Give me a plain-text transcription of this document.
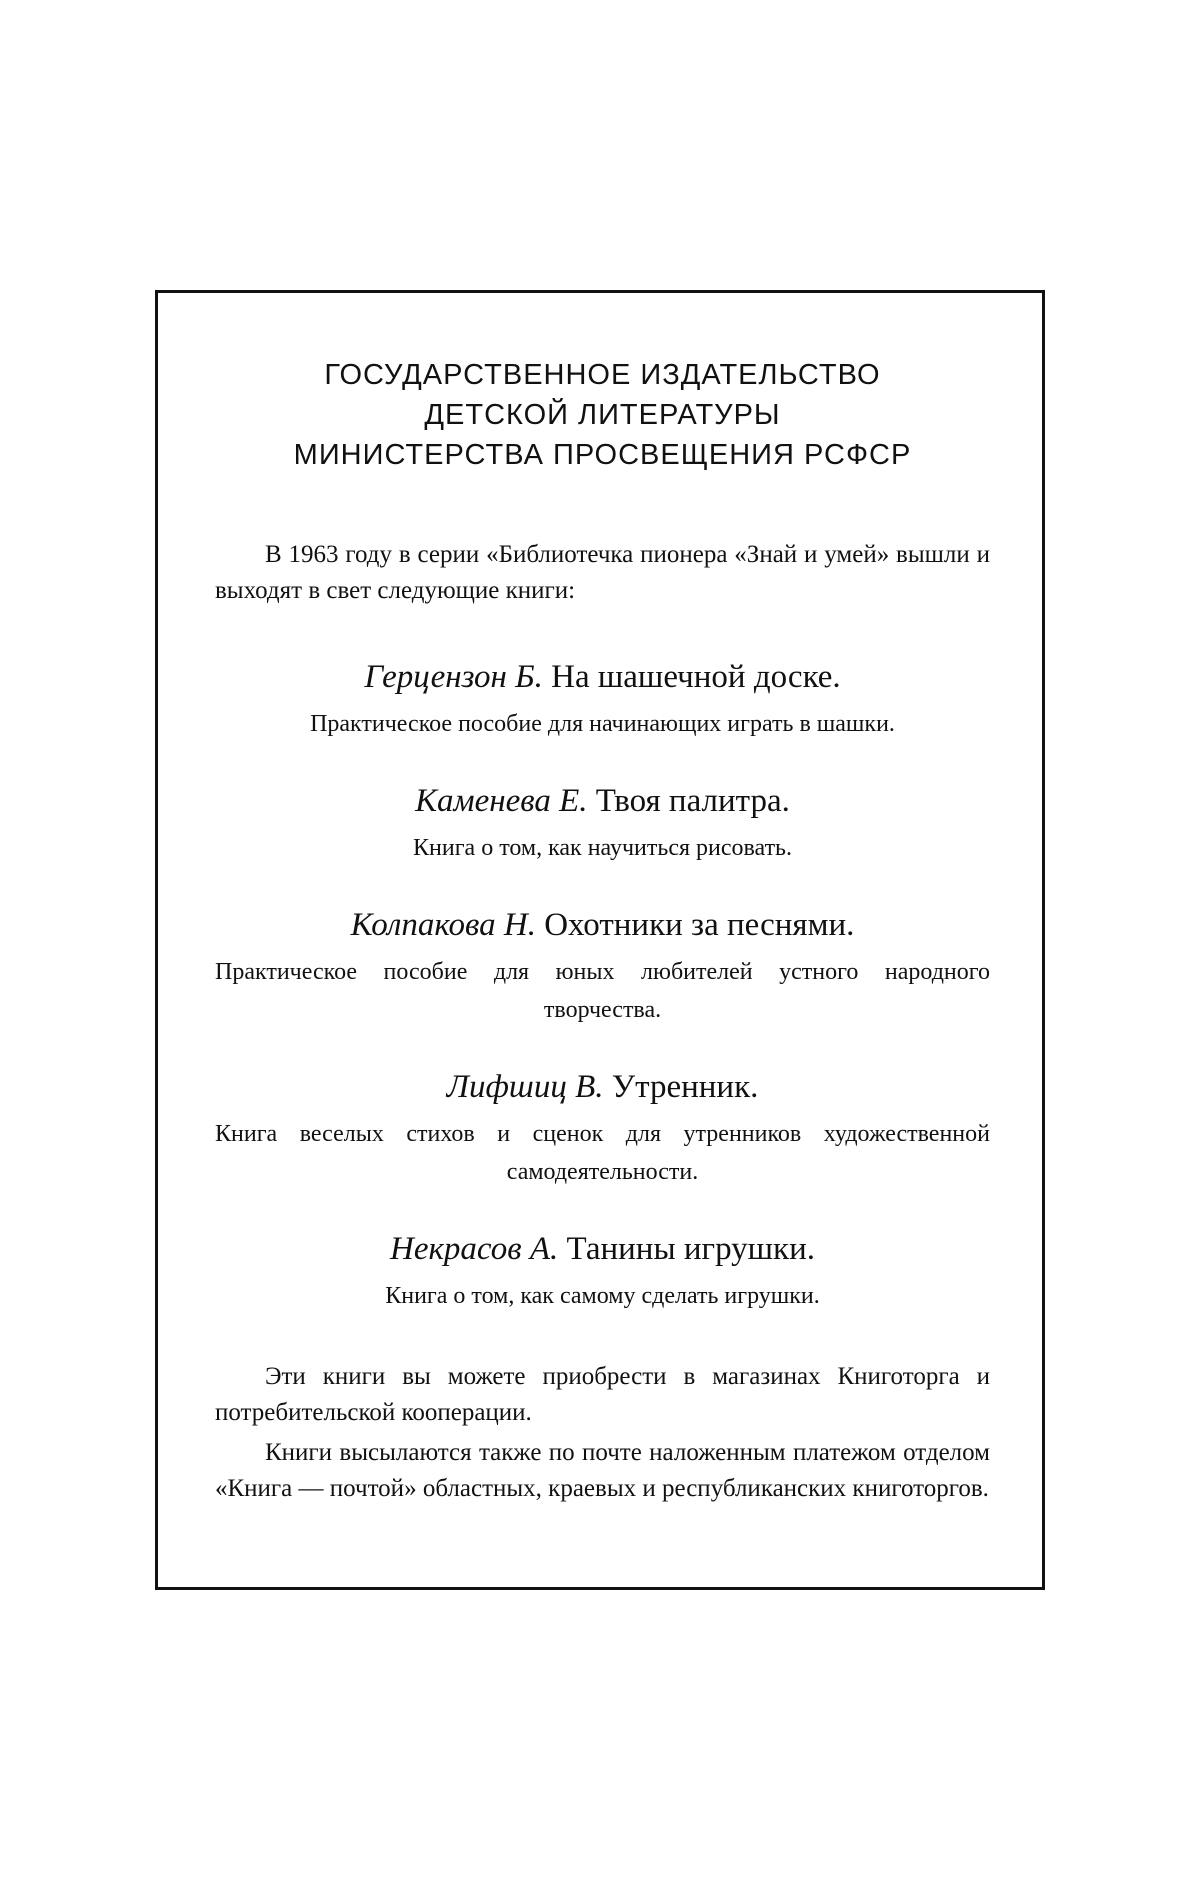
ГОСУДАРСТВЕННОЕ ИЗДАТЕЛЬСТВО

ДЕТСКОЙ ЛИТЕРАТУРЫ

МИНИСТЕРСТВА ПРОСВЕЩЕНИЯ РСФСР

В 1963 году в серии «Библиотечка пионера «Знай и умей» вышли и выходят в свет следующие книги:
Герцензон Б. На шашечной доске.
Практическое пособие для начинающих играть в шашки.
Каменева Е. Твоя палитра.
Книга о том, как научиться рисовать.
Колпакова Н. Охотники за песнями.
Практическое пособие для юных любителей устного народного творчества.
Лифшиц В. Утренник.
Книга веселых стихов и сценок для утренников художественной самодеятельности.
Некрасов А. Танины игрушки.
Книга о том, как самому сделать игрушки.

Эти книги вы можете приобрести в магазинах Книготорга и потребительской кооперации.

Книги высылаются также по почте наложенным платежом отделом «Книга — почтой» областных, краевых и республиканских книготоргов.
